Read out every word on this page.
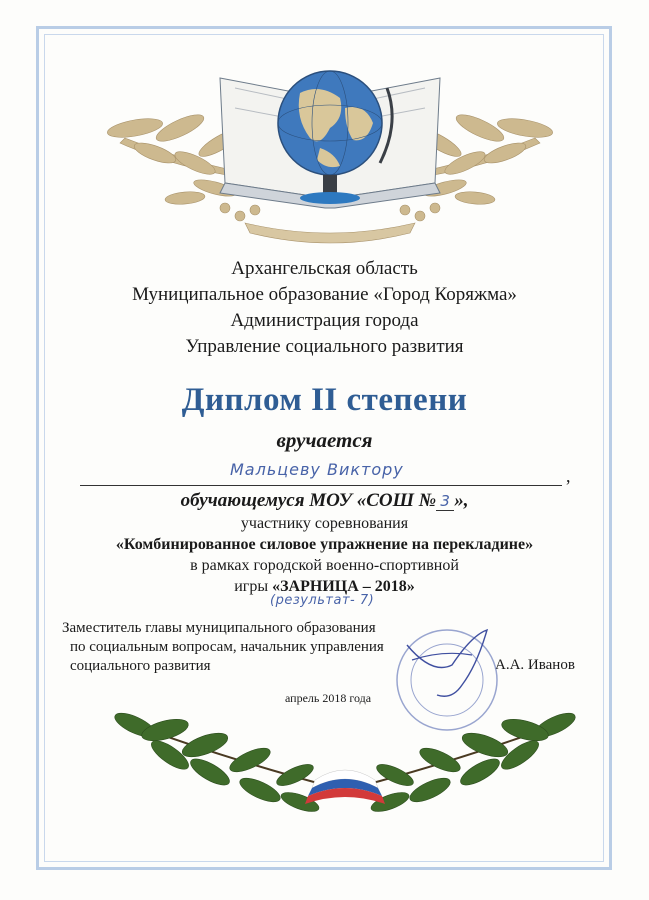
Архангельская область
Муниципальное образование «Город Коряжма»
Администрация города
Управление социального развития
Диплом II степени
вручается
Мальцеву Виктору	,
обучающемуся МОУ «СОШ № 3 »,
участнику соревнования
«Комбинированное силовое упражнение на перекладине»
в рамках городской военно-спортивной
игры «ЗАРНИЦА – 2018»
(результат- 7)
Заместитель главы муниципального образования
по социальным вопросам, начальник управления
социального развития	А.А. Иванов
апрель 2018 года
